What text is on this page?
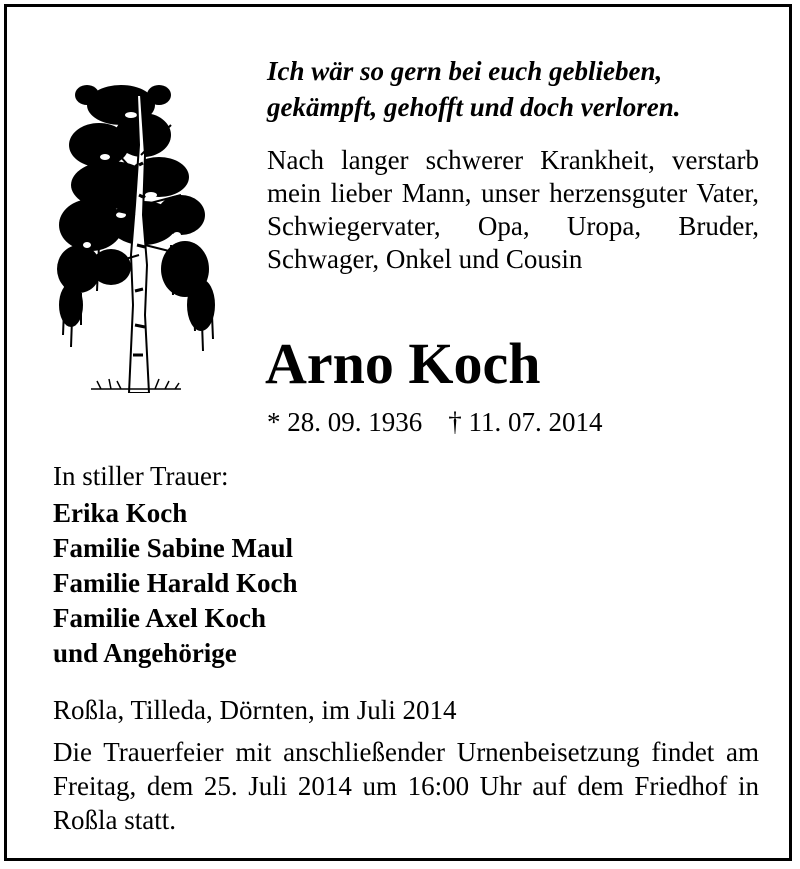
Ich wär so gern bei euch geblieben,
gekämpft, gehofft und doch verloren.
Nach langer schwerer Krankheit, verstarb mein lieber Mann, unser herzensguter Vater, Schwiegervater, Opa, Uropa, Bruder, Schwager, Onkel und Cousin
Arno Koch
* 28. 09. 1936 † 11. 07. 2014
In stiller Trauer:
Erika Koch
Familie Sabine Maul
Familie Harald Koch
Familie Axel Koch
und Angehörige
Roßla, Tilleda, Dörnten, im Juli 2014
Die Trauerfeier mit anschließender Urnenbeisetzung findet am Freitag, dem 25. Juli 2014 um 16:00 Uhr auf dem Friedhof in Roßla statt.
